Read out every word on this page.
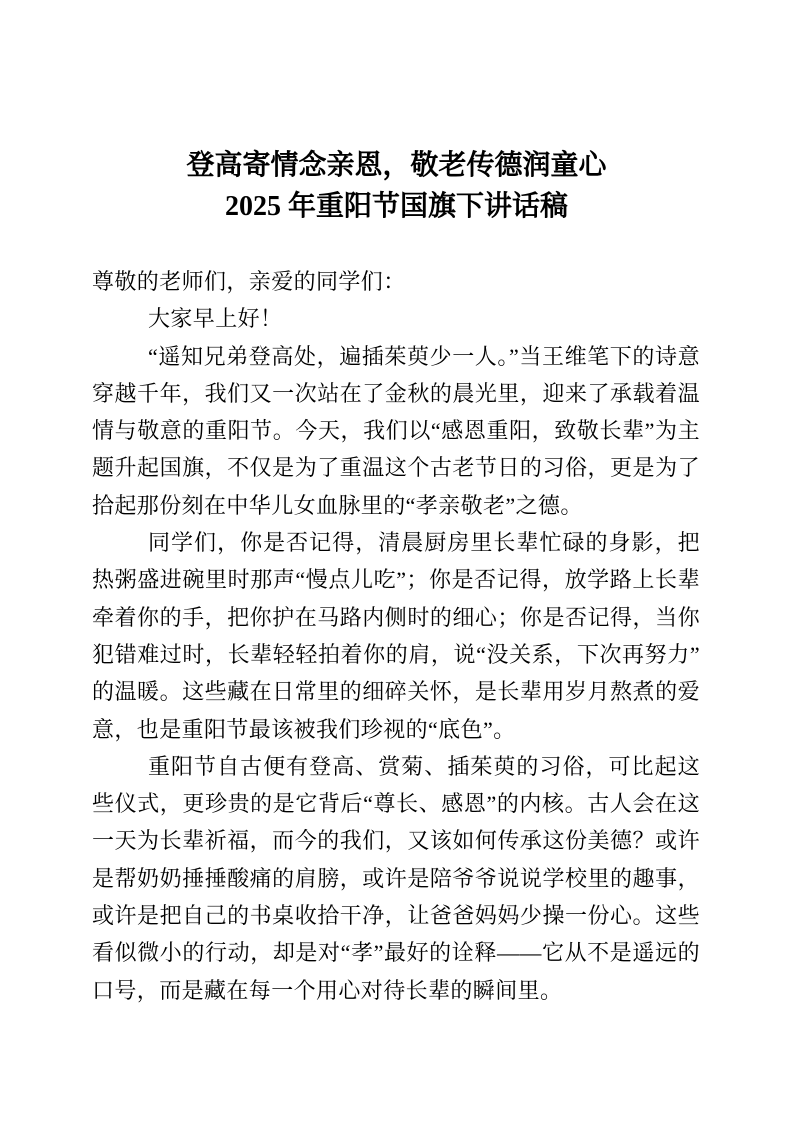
登高寄情念亲恩，敬老传德润童心
2025 年重阳节国旗下讲话稿

尊敬的老师们，亲爱的同学们：

大家早上好！

“遥知兄弟登高处，遍插茱萸少一人。”当王维笔下的诗意穿越千年，我们又一次站在了金秋的晨光里，迎来了承载着温情与敬意的重阳节。今天，我们以“感恩重阳，致敬长辈”为主题升起国旗，不仅是为了重温这个古老节日的习俗，更是为了拾起那份刻在中华儿女血脉里的“孝亲敬老”之德。

同学们，你是否记得，清晨厨房里长辈忙碌的身影，把热粥盛进碗里时那声“慢点儿吃”；你是否记得，放学路上长辈牵着你的手，把你护在马路内侧时的细心；你是否记得，当你犯错难过时，长辈轻轻拍着你的肩，说“没关系，下次再努力”的温暖。这些藏在日常里的细碎关怀，是长辈用岁月熬煮的爱意，也是重阳节最该被我们珍视的“底色”。

重阳节自古便有登高、赏菊、插茱萸的习俗，可比起这些仪式，更珍贵的是它背后“尊长、感恩”的内核。古人会在这一天为长辈祈福，而今的我们，又该如何传承这份美德？或许是帮奶奶捶捶酸痛的肩膀，或许是陪爷爷说说学校里的趣事，或许是把自己的书桌收拾干净，让爸爸妈妈少操一份心。这些看似微小的行动，却是对“孝”最好的诠释——它从不是遥远的口号，而是藏在每一个用心对待长辈的瞬间里。
